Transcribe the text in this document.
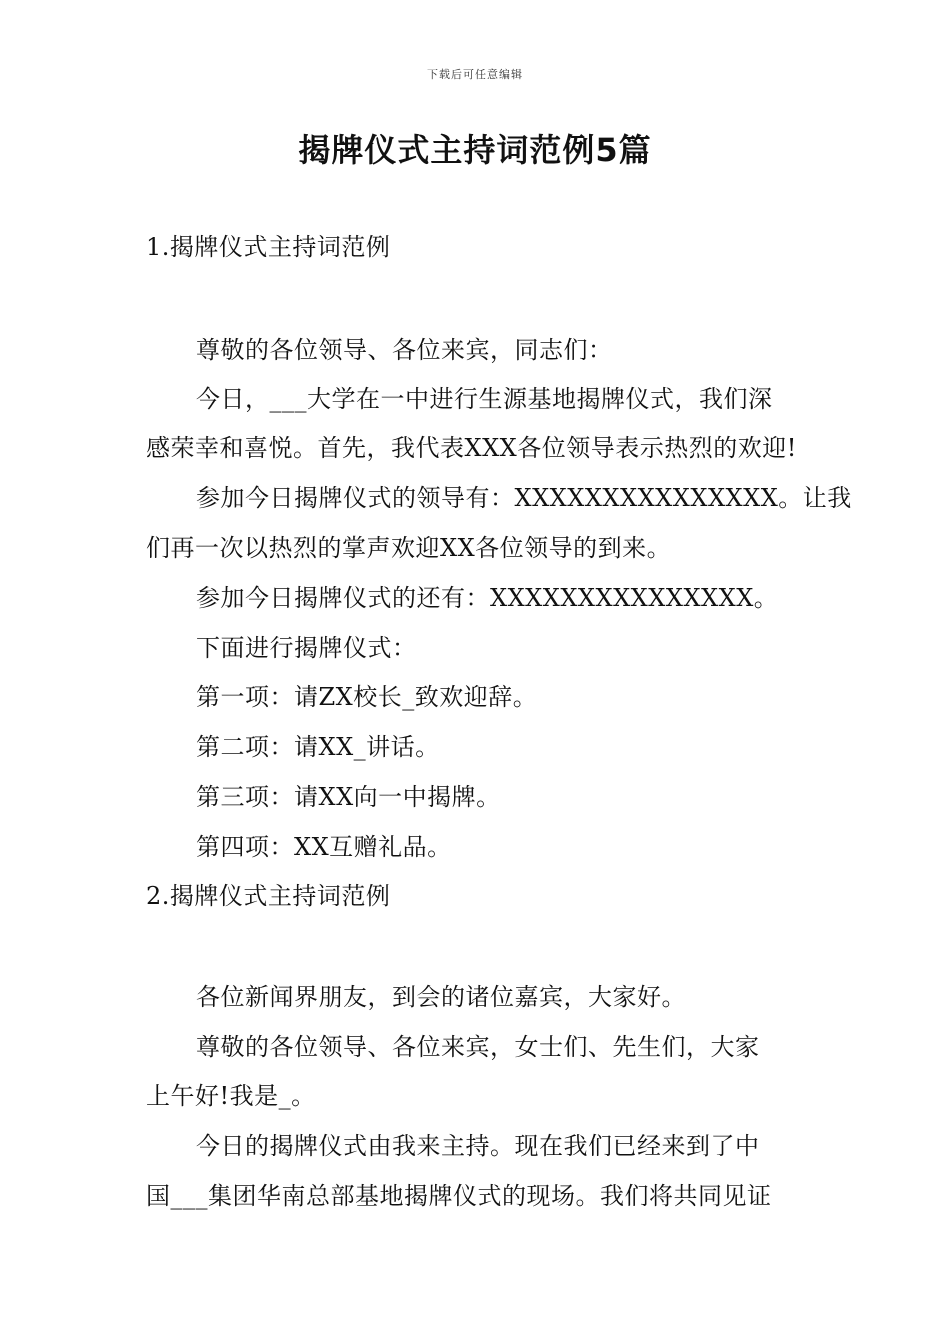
下载后可任意编辑
揭牌仪式主持词范例5篇
1.揭牌仪式主持词范例
尊敬的各位领导、各位来宾，同志们：
今日，___大学在一中进行生源基地揭牌仪式，我们深
感荣幸和喜悦。首先，我代表XXX各位领导表示热烈的欢迎!
参加今日揭牌仪式的领导有：XXXXXXXXXXXXXXX。让我
们再一次以热烈的掌声欢迎XX各位领导的到来。
参加今日揭牌仪式的还有：XXXXXXXXXXXXXXX。
下面进行揭牌仪式：
第一项：请ZX校长_致欢迎辞。
第二项：请XX_讲话。
第三项：请XX向一中揭牌。
第四项：XX互赠礼品。
2.揭牌仪式主持词范例
各位新闻界朋友，到会的诸位嘉宾，大家好。
尊敬的各位领导、各位来宾，女士们、先生们，大家
上午好!我是_。
今日的揭牌仪式由我来主持。现在我们已经来到了中
国___集团华南总部基地揭牌仪式的现场。我们将共同见证
